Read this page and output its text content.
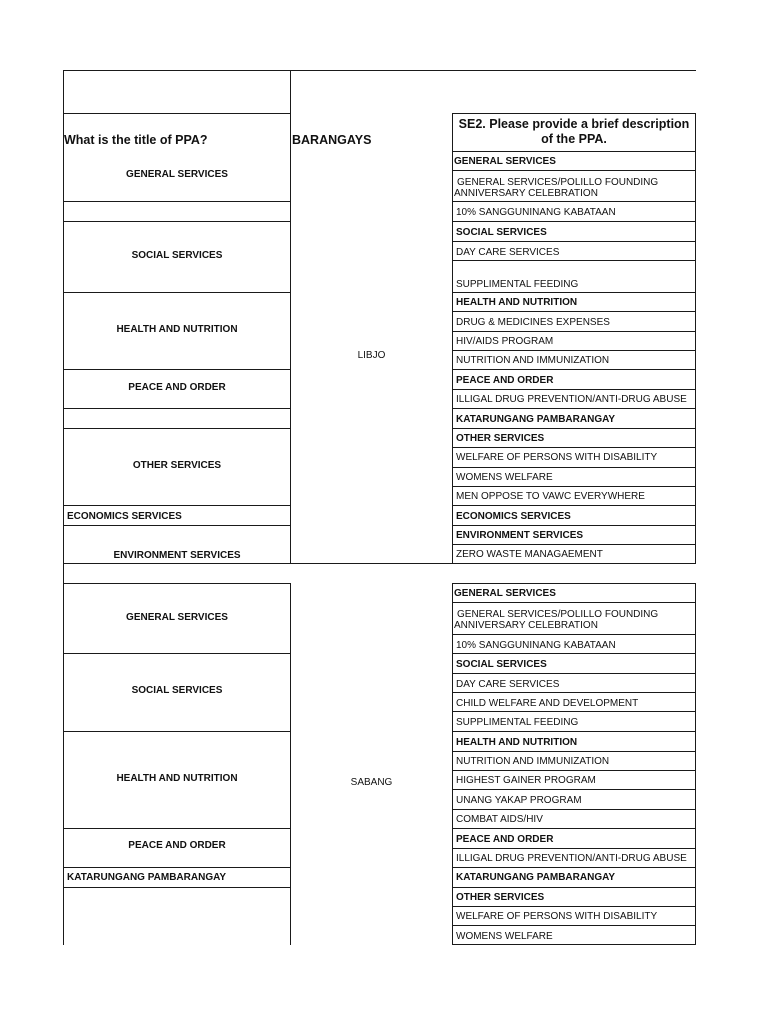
What is the title of PPA?	BARANGAYS
SE2. Please provide a brief description
of the PPA.
GENERAL SERVICES
SOCIAL SERVICES
HEALTH AND NUTRITION
PEACE AND ORDER
OTHER SERVICES
ECONOMICS SERVICES
ENVIRONMENT SERVICES
LIBJO
GENERAL SERVICES
GENERAL SERVICES/POLILLO FOUNDING
ANNIVERSARY CELEBRATION
10% SANGGUNINANG KABATAAN
SOCIAL SERVICES
DAY CARE SERVICES
SUPPLIMENTAL FEEDING
HEALTH AND NUTRITION
DRUG & MEDICINES EXPENSES
HIV/AIDS PROGRAM
NUTRITION AND IMMUNIZATION
PEACE AND ORDER
ILLIGAL DRUG PREVENTION/ANTI-DRUG ABUSE
KATARUNGANG PAMBARANGAY
OTHER SERVICES
WELFARE OF PERSONS WITH DISABILITY
WOMENS WELFARE
MEN OPPOSE TO VAWC EVERYWHERE
ECONOMICS SERVICES
ENVIRONMENT SERVICES
ZERO WASTE MANAGAEMENT
GENERAL SERVICES
SOCIAL SERVICES
HEALTH AND NUTRITION
PEACE AND ORDER
KATARUNGANG PAMBARANGAY
SABANG
GENERAL SERVICES
GENERAL SERVICES/POLILLO FOUNDING
ANNIVERSARY CELEBRATION
10% SANGGUNINANG KABATAAN
SOCIAL SERVICES
DAY CARE SERVICES
CHILD WELFARE AND DEVELOPMENT
SUPPLIMENTAL FEEDING
HEALTH AND NUTRITION
NUTRITION AND IMMUNIZATION
HIGHEST GAINER PROGRAM
UNANG YAKAP PROGRAM
COMBAT AIDS/HIV
PEACE AND ORDER
ILLIGAL DRUG PREVENTION/ANTI-DRUG ABUSE
KATARUNGANG PAMBARANGAY
OTHER SERVICES
WELFARE OF PERSONS WITH DISABILITY
WOMENS WELFARE
